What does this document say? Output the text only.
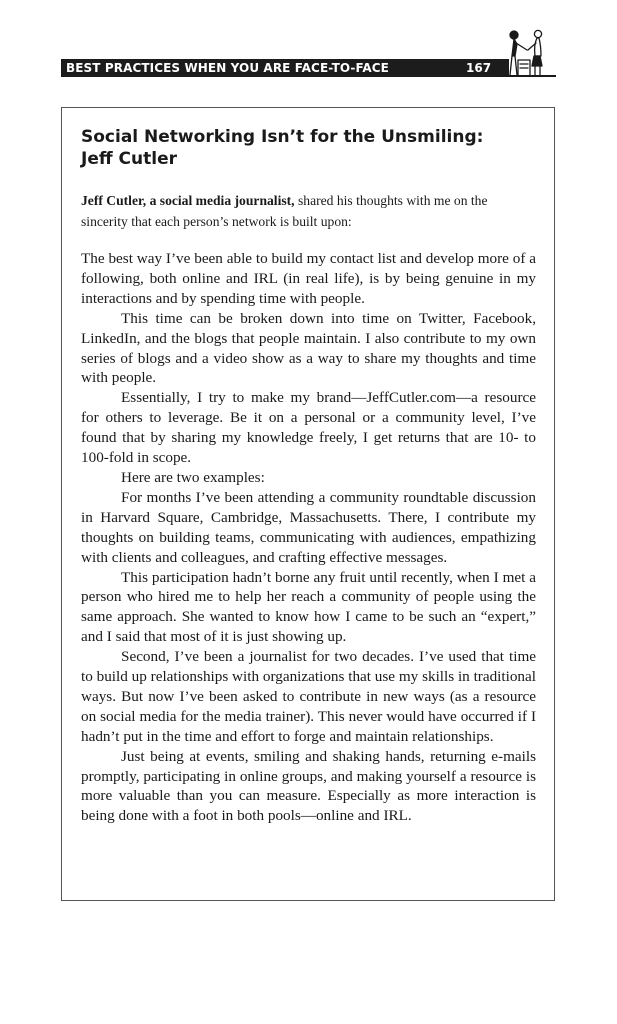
BEST PRACTICES WHEN YOU ARE FACE-TO-FACE	167
Social Networking Isn’t for the Unsmiling:
Jeff Cutler

Jeff Cutler, a social media journalist, shared his thoughts with me on the sincerity that each person’s network is built upon:

The best way I’ve been able to build my contact list and develop more of a following, both online and IRL (in real life), is by being genuine in my interactions and by spending time with people.

This time can be broken down into time on Twitter, Facebook, LinkedIn, and the blogs that people maintain. I also contribute to my own series of blogs and a video show as a way to share my thoughts and time with people.

Essentially, I try to make my brand—JeffCutler.com—a resource for others to leverage. Be it on a personal or a community level, I’ve found that by sharing my knowledge freely, I get returns that are 10- to 100-fold in scope.

Here are two examples:

For months I’ve been attending a community roundtable discussion in Harvard Square, Cambridge, Massachusetts. There, I contribute my thoughts on building teams, communicating with audiences, empathizing with clients and colleagues, and crafting effective messages.

This participation hadn’t borne any fruit until recently, when I met a person who hired me to help her reach a community of people using the same approach. She wanted to know how I came to be such an “expert,” and I said that most of it is just showing up.

Second, I’ve been a journalist for two decades. I’ve used that time to build up relationships with organizations that use my skills in traditional ways. But now I’ve been asked to contribute in new ways (as a resource on social media for the media trainer). This never would have occurred if I hadn’t put in the time and effort to forge and maintain relationships.

Just being at events, smiling and shaking hands, returning e-mails promptly, participating in online groups, and making yourself a resource is more valuable than you can measure. Especially as more interaction is being done with a foot in both pools—online and IRL.
